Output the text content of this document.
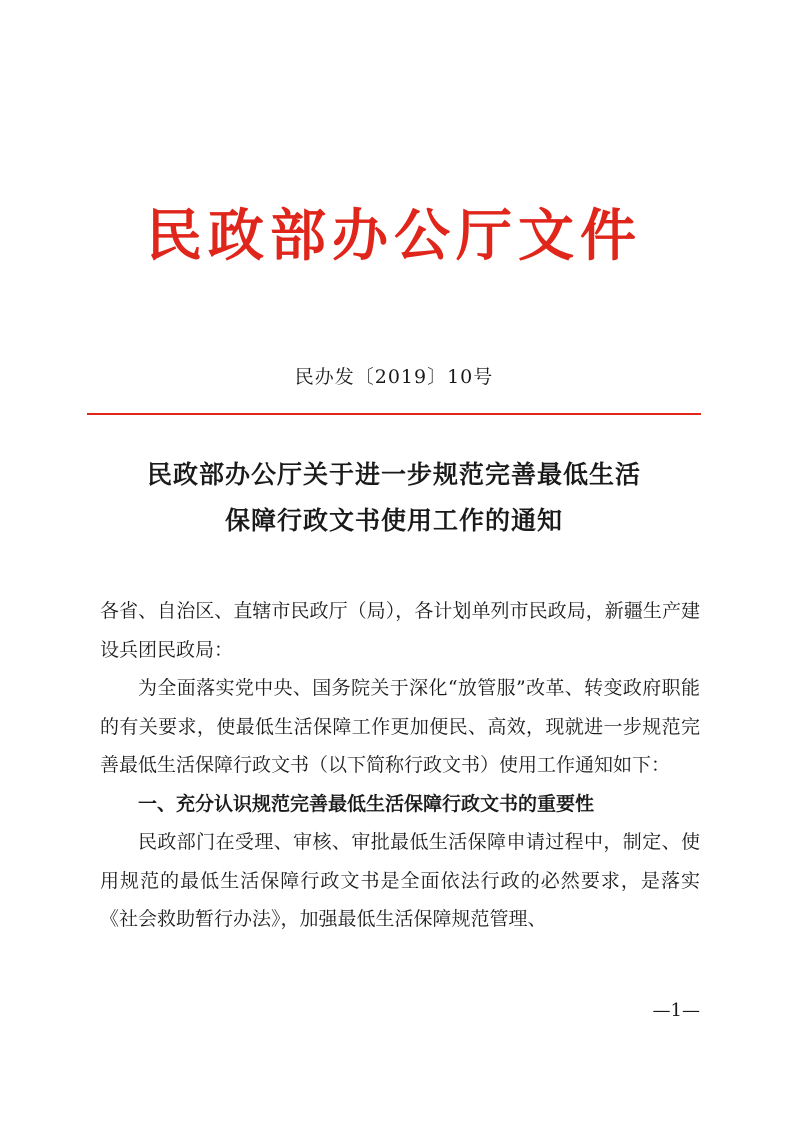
民政部办公厅文件
民办发〔2019〕10号
民政部办公厅关于进一步规范完善最低生活
保障行政文书使用工作的通知

各省、自治区、直辖市民政厅（局），各计划单列市民政局，新疆生产建设兵团民政局：

为全面落实党中央、国务院关于深化“放管服”改革、转变政府职能的有关要求，使最低生活保障工作更加便民、高效，现就进一步规范完善最低生活保障行政文书（以下简称行政文书）使用工作通知如下：

一、充分认识规范完善最低生活保障行政文书的重要性

民政部门在受理、审核、审批最低生活保障申请过程中，制定、使用规范的最低生活保障行政文书是全面依法行政的必然要求，是落实《社会救助暂行办法》，加强最低生活保障规范管理、

—1—
